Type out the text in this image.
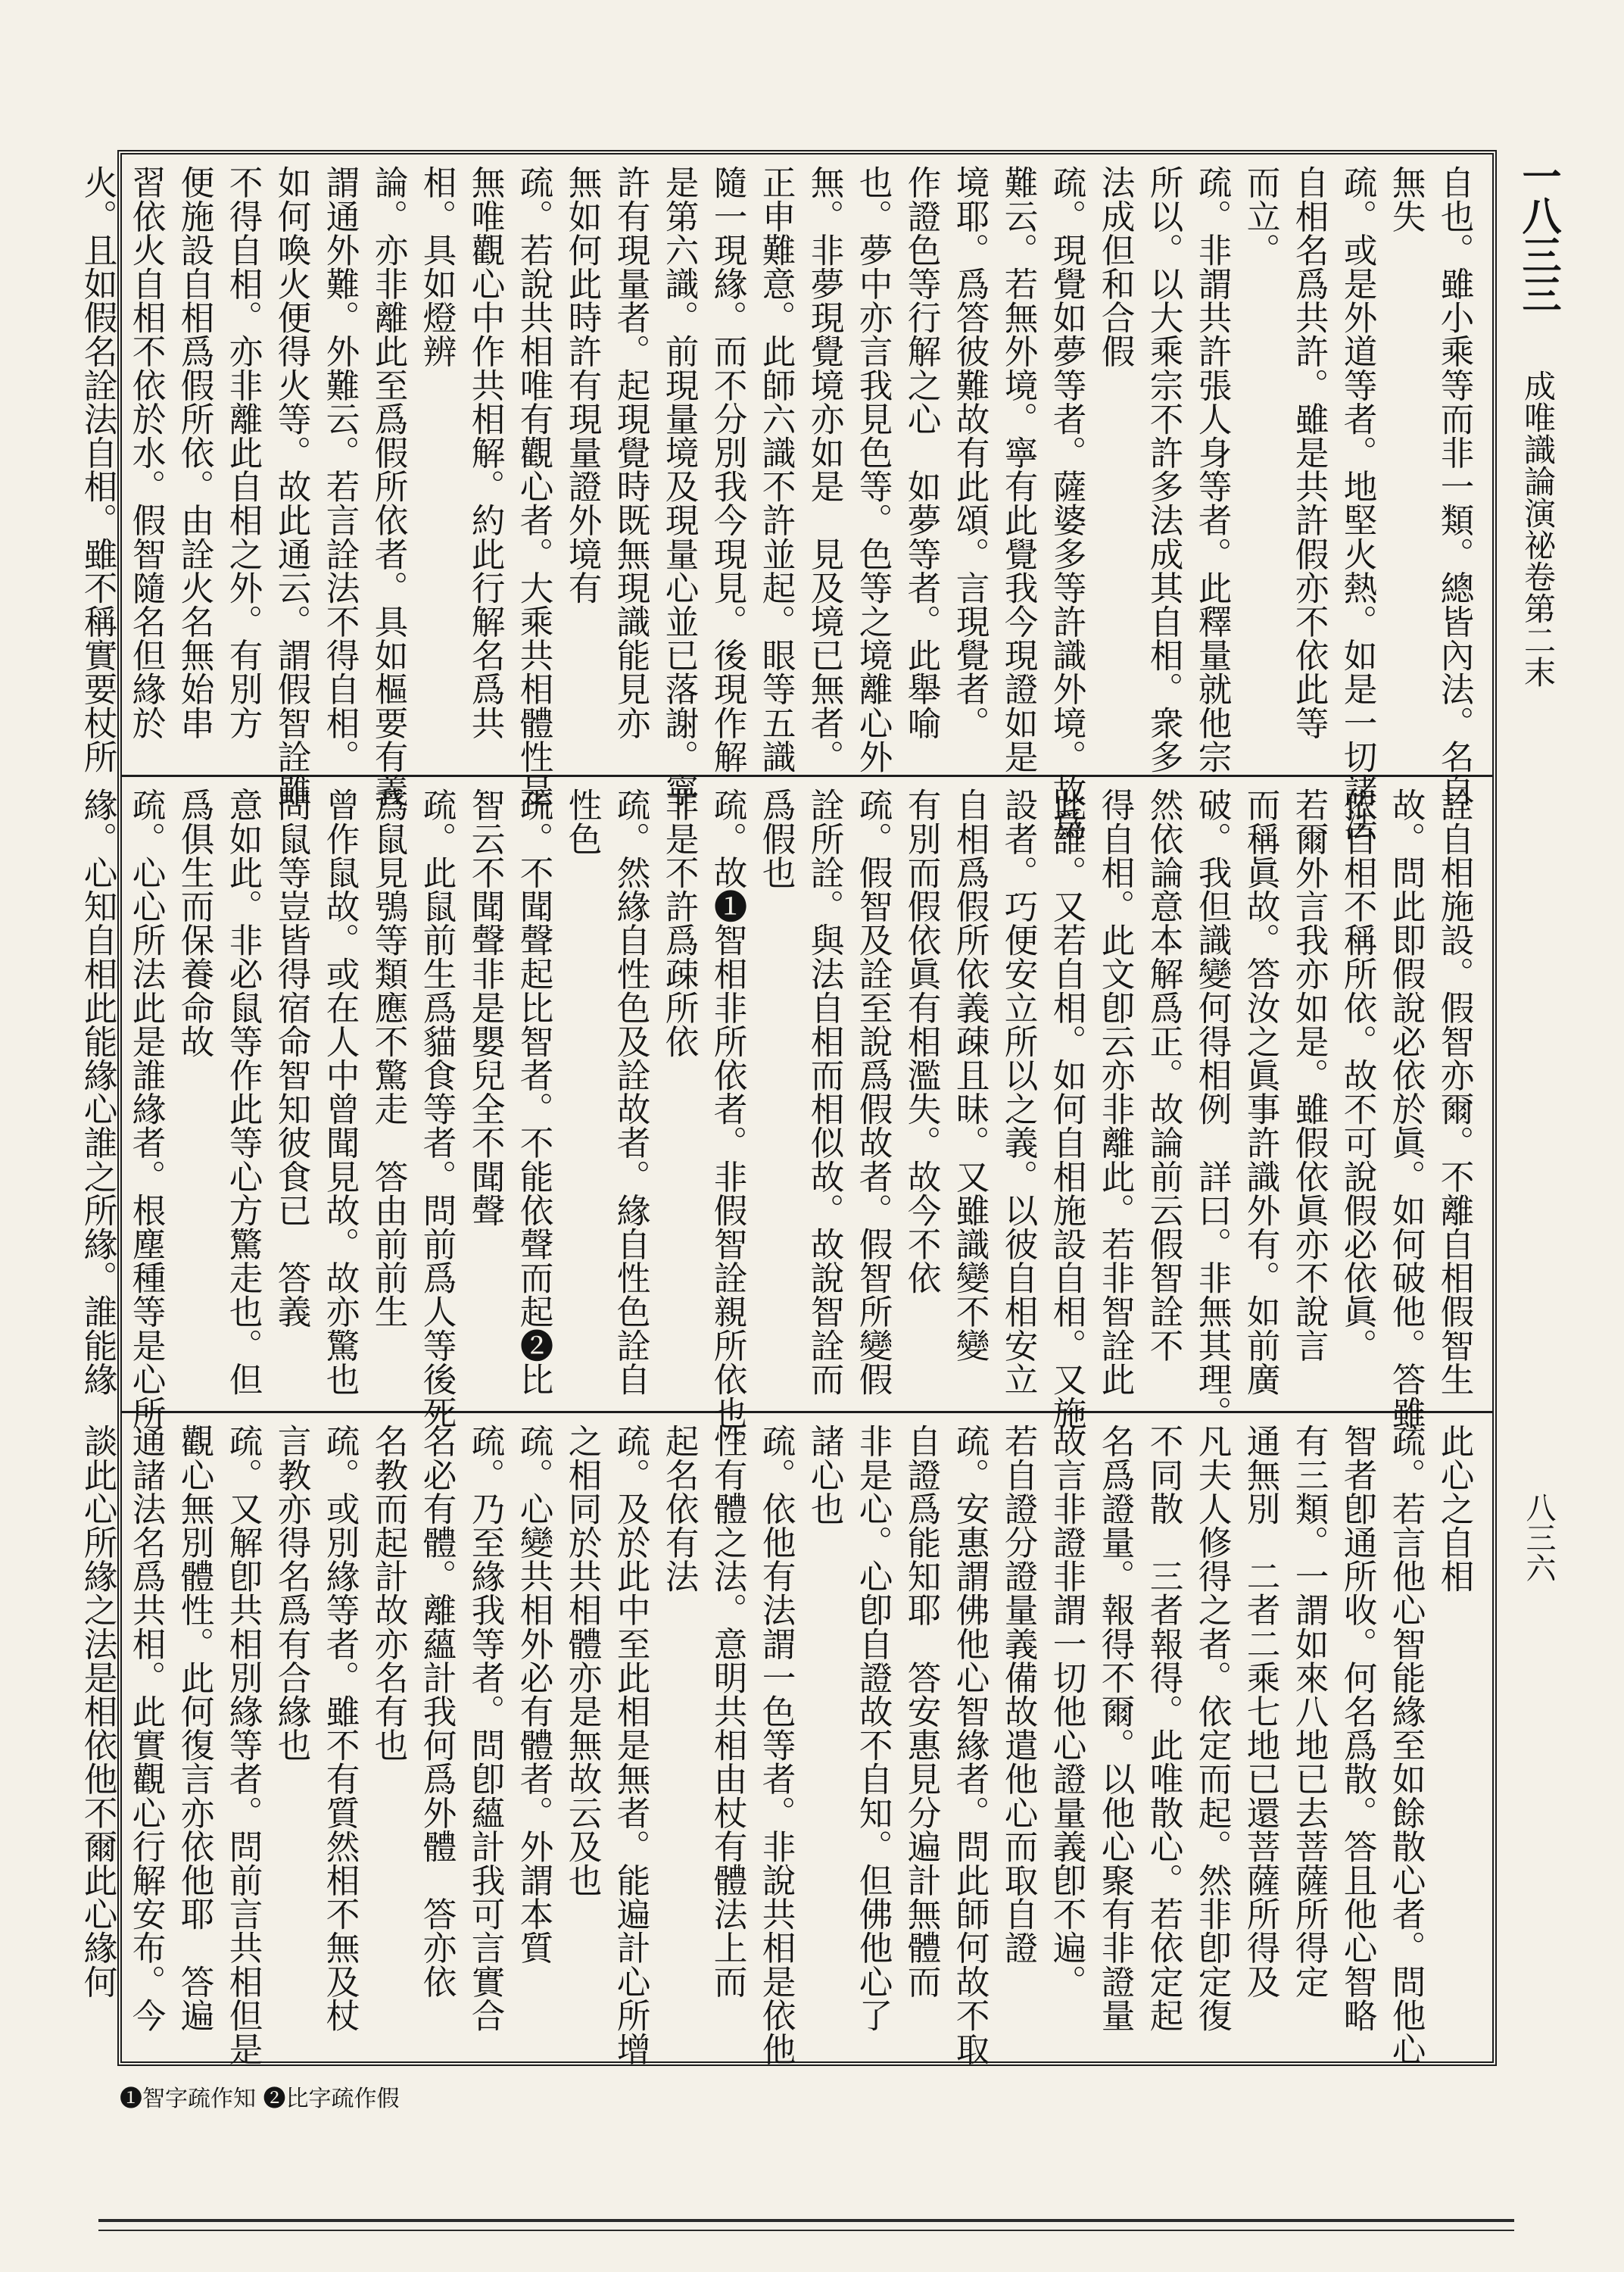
一八三三
成唯識論演祕卷第二末
八三六
自也。雖小乘等而非一類。總皆內法。名自
無失
疏。或是外道等者。地堅火熱。如是一切諸法
自相名爲共許。雖是共許假亦不依此等
而立。
疏。非謂共許張人身等者。此釋量就他宗
所以。以大乘宗不許多法成其自相。衆多
法成但和合假
疏。現覺如夢等者。薩婆多等許識外境。故爲
難云。若無外境。寧有此覺我今現證如是
境耶。爲答彼難故有此頌。言現覺者。
作證色等行解之心　如夢等者。此舉喻
也。夢中亦言我見色等。色等之境離心外
無。非夢現覺境亦如是　見及境已無者。
正申難意。此師六識不許並起。眼等五識
隨一現緣。而不分別我今現見。後現作解
是第六識。前現量境及現量心並已落謝。寧
許有現量者。起現覺時既無現識能見亦
無如何此時許有現量證外境有
疏。若說共相唯有觀心者。大乘共相體性是
無唯觀心中作共相解。約此行解名爲共
相。具如燈辨
論。亦非離此至爲假所依者。具如樞要有義
謂通外難。外難云。若言詮法不得自相。
如何喚火便得火等。故此通云。謂假智詮雖
不得自相。亦非離此自相之外。有別方
便施設自相爲假所依。由詮火名無始串
習依火自相不依於水。假智隨名但緣於
火。且如假名詮法自相。雖不稱實要杖所
詮自相施設。假智亦爾。不離自相假智生
故。問此即假說必依於眞。如何破他。答雖
依自相不稱所依。故不可說假必依眞。
若爾外言我亦如是。雖假依眞亦不說言
而稱眞故。答汝之眞事許識外有。如前廣
破。我但識變何得相例　詳曰。非無其理。
然依論意本解爲正。故論前云假智詮不
得自相。此文卽云亦非離此。若非智詮此
此誰。又若自相。如何自相施設自相。又施
設者。巧便安立所以之義。以彼自相安立
自相爲假所依義疎且昧。又雖識變不變
有別而假依眞有相濫失。故今不依
疏。假智及詮至說爲假故者。假智所變假
詮所詮。與法自相而相似故。故說智詮而
爲假也
疏。故❶智相非所依者。非假智詮親所依也。
非是不許爲疎所依
疏。然緣自性色及詮故者。緣自性色詮自
性色
疏。不聞聲起比智者。不能依聲而起❷比
智云不聞聲非是嬰兒全不聞聲
疏。此鼠前生爲貓食等者。問前爲人等後死
爲鼠見鴞等類應不驚走　答由前前生
曾作鼠故。或在人中曾聞見故。故亦驚也
問鼠等豈皆得宿命智知彼食已　答義
意如此。非必鼠等作此等心方驚走也。但
爲俱生而保養命故
疏。心心所法此是誰緣者。根塵種等是心所
緣。心知自相此能緣心誰之所緣。誰能緣
此心之自相
疏。若言他心智能緣至如餘散心者。問他心
智者卽通所收。何名爲散。答且他心智略
有三類。一謂如來八地已去菩薩所得定
通無別　二者二乘七地已還菩薩所得及
凡夫人修得之者。依定而起。然非卽定復
不同散　三者報得。此唯散心。若依定起
名爲證量。報得不爾。以他心聚有非證量
故言非證非謂一切他心證量義卽不遍。
若自證分證量義備故遣他心而取自證
疏。安惠謂佛他心智緣者。問此師何故不取
自證爲能知耶　答安惠見分遍計無體而
非是心。心卽自證故不自知。但佛他心了
諸心也
疏。依他有法謂一色等者。非說共相是依他
性有體之法。意明共相由杖有體法上而
起名依有法
疏。及於此中至此相是無者。能遍計心所增
之相同於共相體亦是無故云及也
疏。心變共相外必有體者。外謂本質
疏。乃至緣我等者。問卽蘊計我可言實合
名必有體。離蘊計我何爲外體　答亦依
名教而起計故亦名有也
疏。或別緣等者。雖不有質然相不無及杖
言教亦得名爲有合緣也
疏。又解卽共相別緣等者。問前言共相但是
觀心無別體性。此何復言亦依他耶　答遍
通諸法名爲共相。此實觀心行解安布。今
談此心所緣之法是相依他不爾此心緣何
❶智字疏作知 ❷比字疏作假
